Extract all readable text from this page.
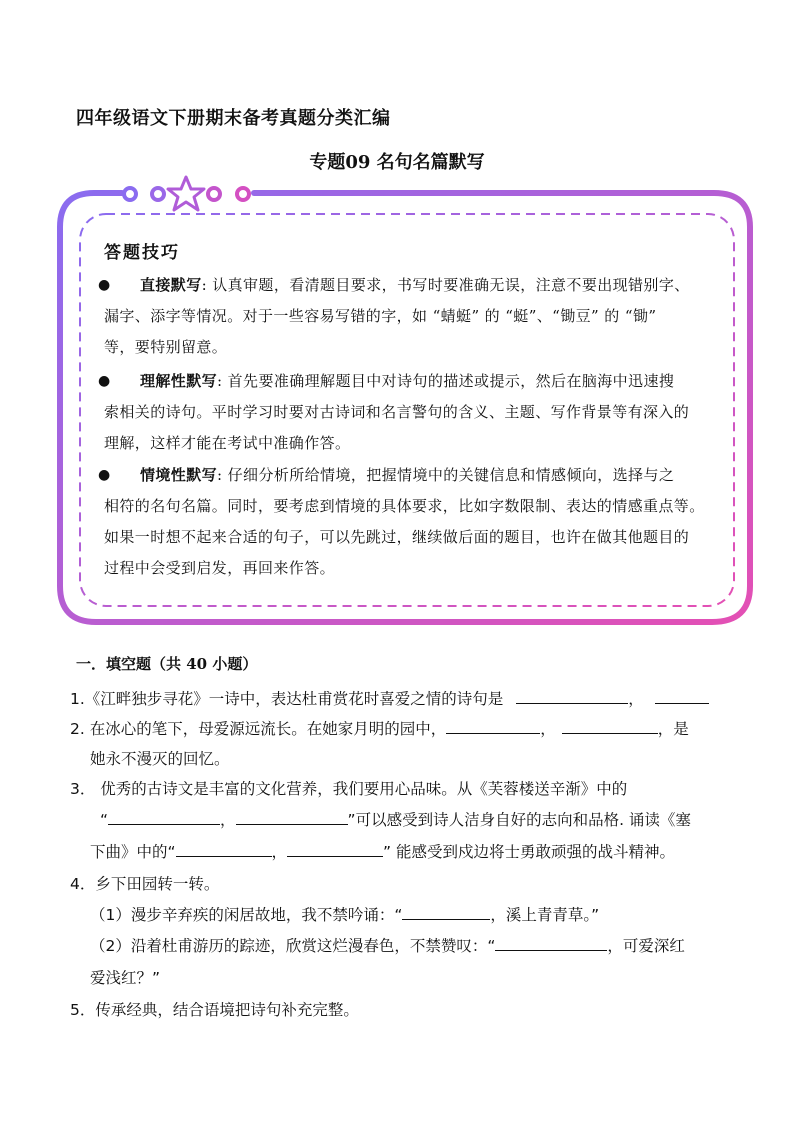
四年级语文下册期末备考真题分类汇编
专题09 名句名篇默写
答题技巧
●	直接默写: 认真审题，看清题目要求，书写时要准确无误，注意不要出现错别字、
漏字、添字等情况。对于一些容易写错的字，如 “蜻蜓” 的 “蜓”、“锄豆” 的 “锄”
等，要特别留意。
●	理解性默写: 首先要准确理解题目中对诗句的描述或提示，然后在脑海中迅速搜
索相关的诗句。平时学习时要对古诗词和名言警句的含义、主题、写作背景等有深入的
理解，这样才能在考试中准确作答。
●	情境性默写: 仔细分析所给情境，把握情境中的关键信息和情感倾向，选择与之
相符的名句名篇。同时，要考虑到情境的具体要求，比如字数限制、表达的情感重点等。
如果一时想不起来合适的句子，可以先跳过，继续做后面的题目，也许在做其他题目的
过程中会受到启发，再回来作答。
一．填空题（共 40 小题）
1.《江畔独步寻花》一诗中，表达杜甫赏花时喜爱之情的诗句是	，
2. 在冰心的笔下，母爱源远流长。在她家月明的园中，	，	，是
她永不漫灭的回忆。
3． 优秀的古诗文是丰富的文化营养，我们要用心品味。从《芙蓉楼送辛渐》中的
“	，	”可以感受到诗人洁身自好的志向和品格. 诵读《塞
下曲》中的“	，	” 能感受到戍边将士勇敢顽强的战斗精神。
4．乡下田园转一转。
（1）漫步辛弃疾的闲居故地，我不禁吟诵：“	，溪上青青草。”
（2）沿着杜甫游历的踪迹，欣赏这烂漫春色，不禁赞叹：“	，可爱深红
爱浅红？”
5．传承经典，结合语境把诗句补充完整。
